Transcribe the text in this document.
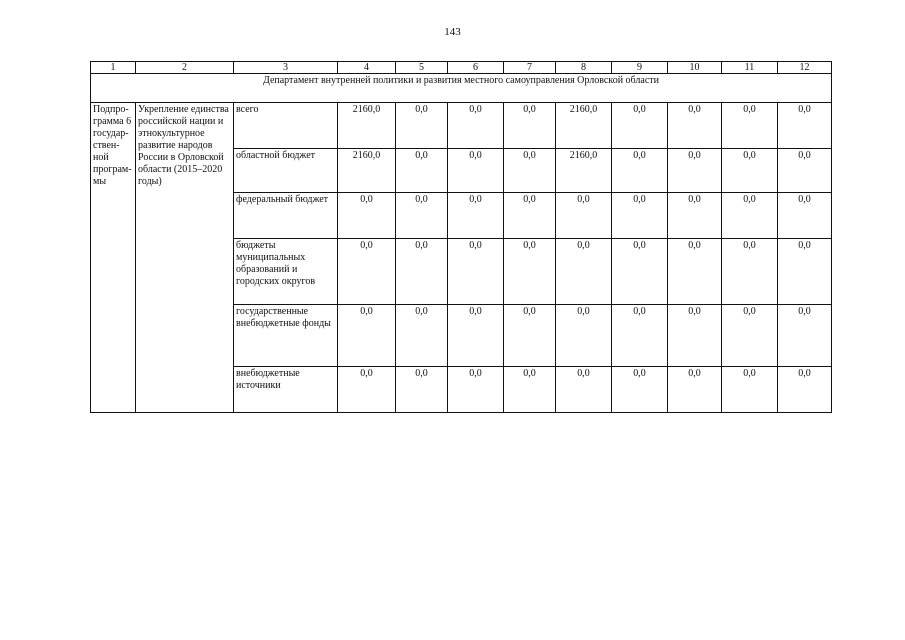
143
1	2	3	4	5	6	7	8	9	10	11	12
Департамент внутренней политики и развития местного самоуправления Орловской области											
Подпро-грамма 6 государ-ствен-ной програм-мы	Укрепление единства российской нации и этнокультурное развитие народов России в Орловской области (2015–2020 годы)	всего	2160,0	0,0	0,0	0,0	2160,0	0,0	0,0	0,0	0,0
		областной бюджет	2160,0	0,0	0,0	0,0	2160,0	0,0	0,0	0,0	0,0
		федеральный бюджет	0,0	0,0	0,0	0,0	0,0	0,0	0,0	0,0	0,0
		бюджеты муниципальных образований и городских округов	0,0	0,0	0,0	0,0	0,0	0,0	0,0	0,0	0,0
		государственные внебюджетные фонды	0,0	0,0	0,0	0,0	0,0	0,0	0,0	0,0	0,0
		внебюджетные источники	0,0	0,0	0,0	0,0	0,0	0,0	0,0	0,0	0,0
